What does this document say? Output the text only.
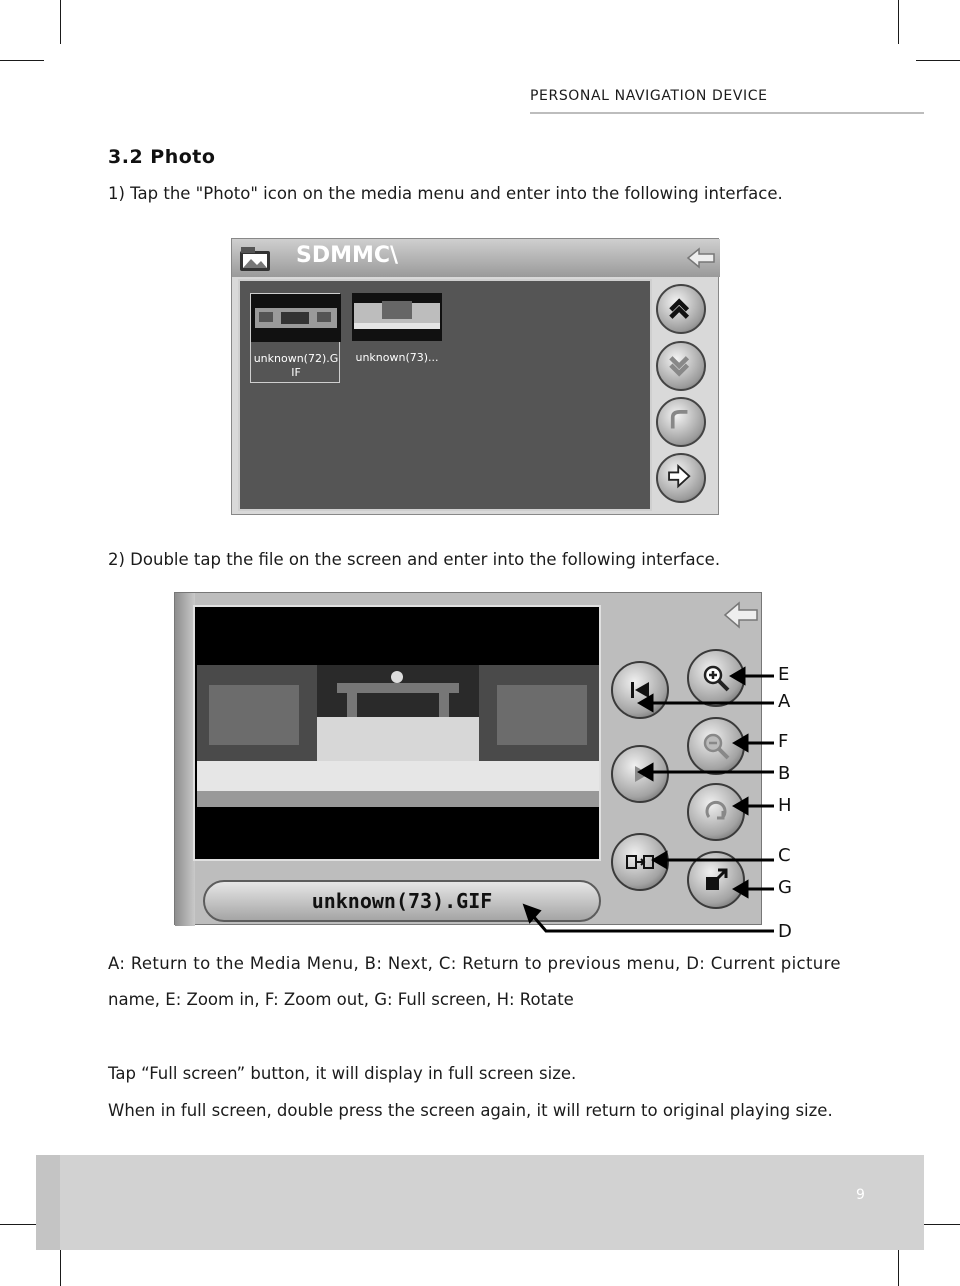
PERSONAL NAVIGATION DEVICE
3.2 Photo
1) Tap the "Photo" icon on the media menu and enter into the following interface.
SDMMC\
unknown(72).G
IF
unknown(73)...
2) Double tap the file on the screen and enter into the following interface.
unknown(73).GIF
E
A
F
B
H
C
G
D
A: Return to the Media Menu, B: Next, C: Return to previous menu, D: Current picture
name, E: Zoom in, F: Zoom out, G: Full screen, H: Rotate
Tap “Full screen” button, it will display in full screen size.
When in full screen, double press the screen again, it will return to original playing size.
9
